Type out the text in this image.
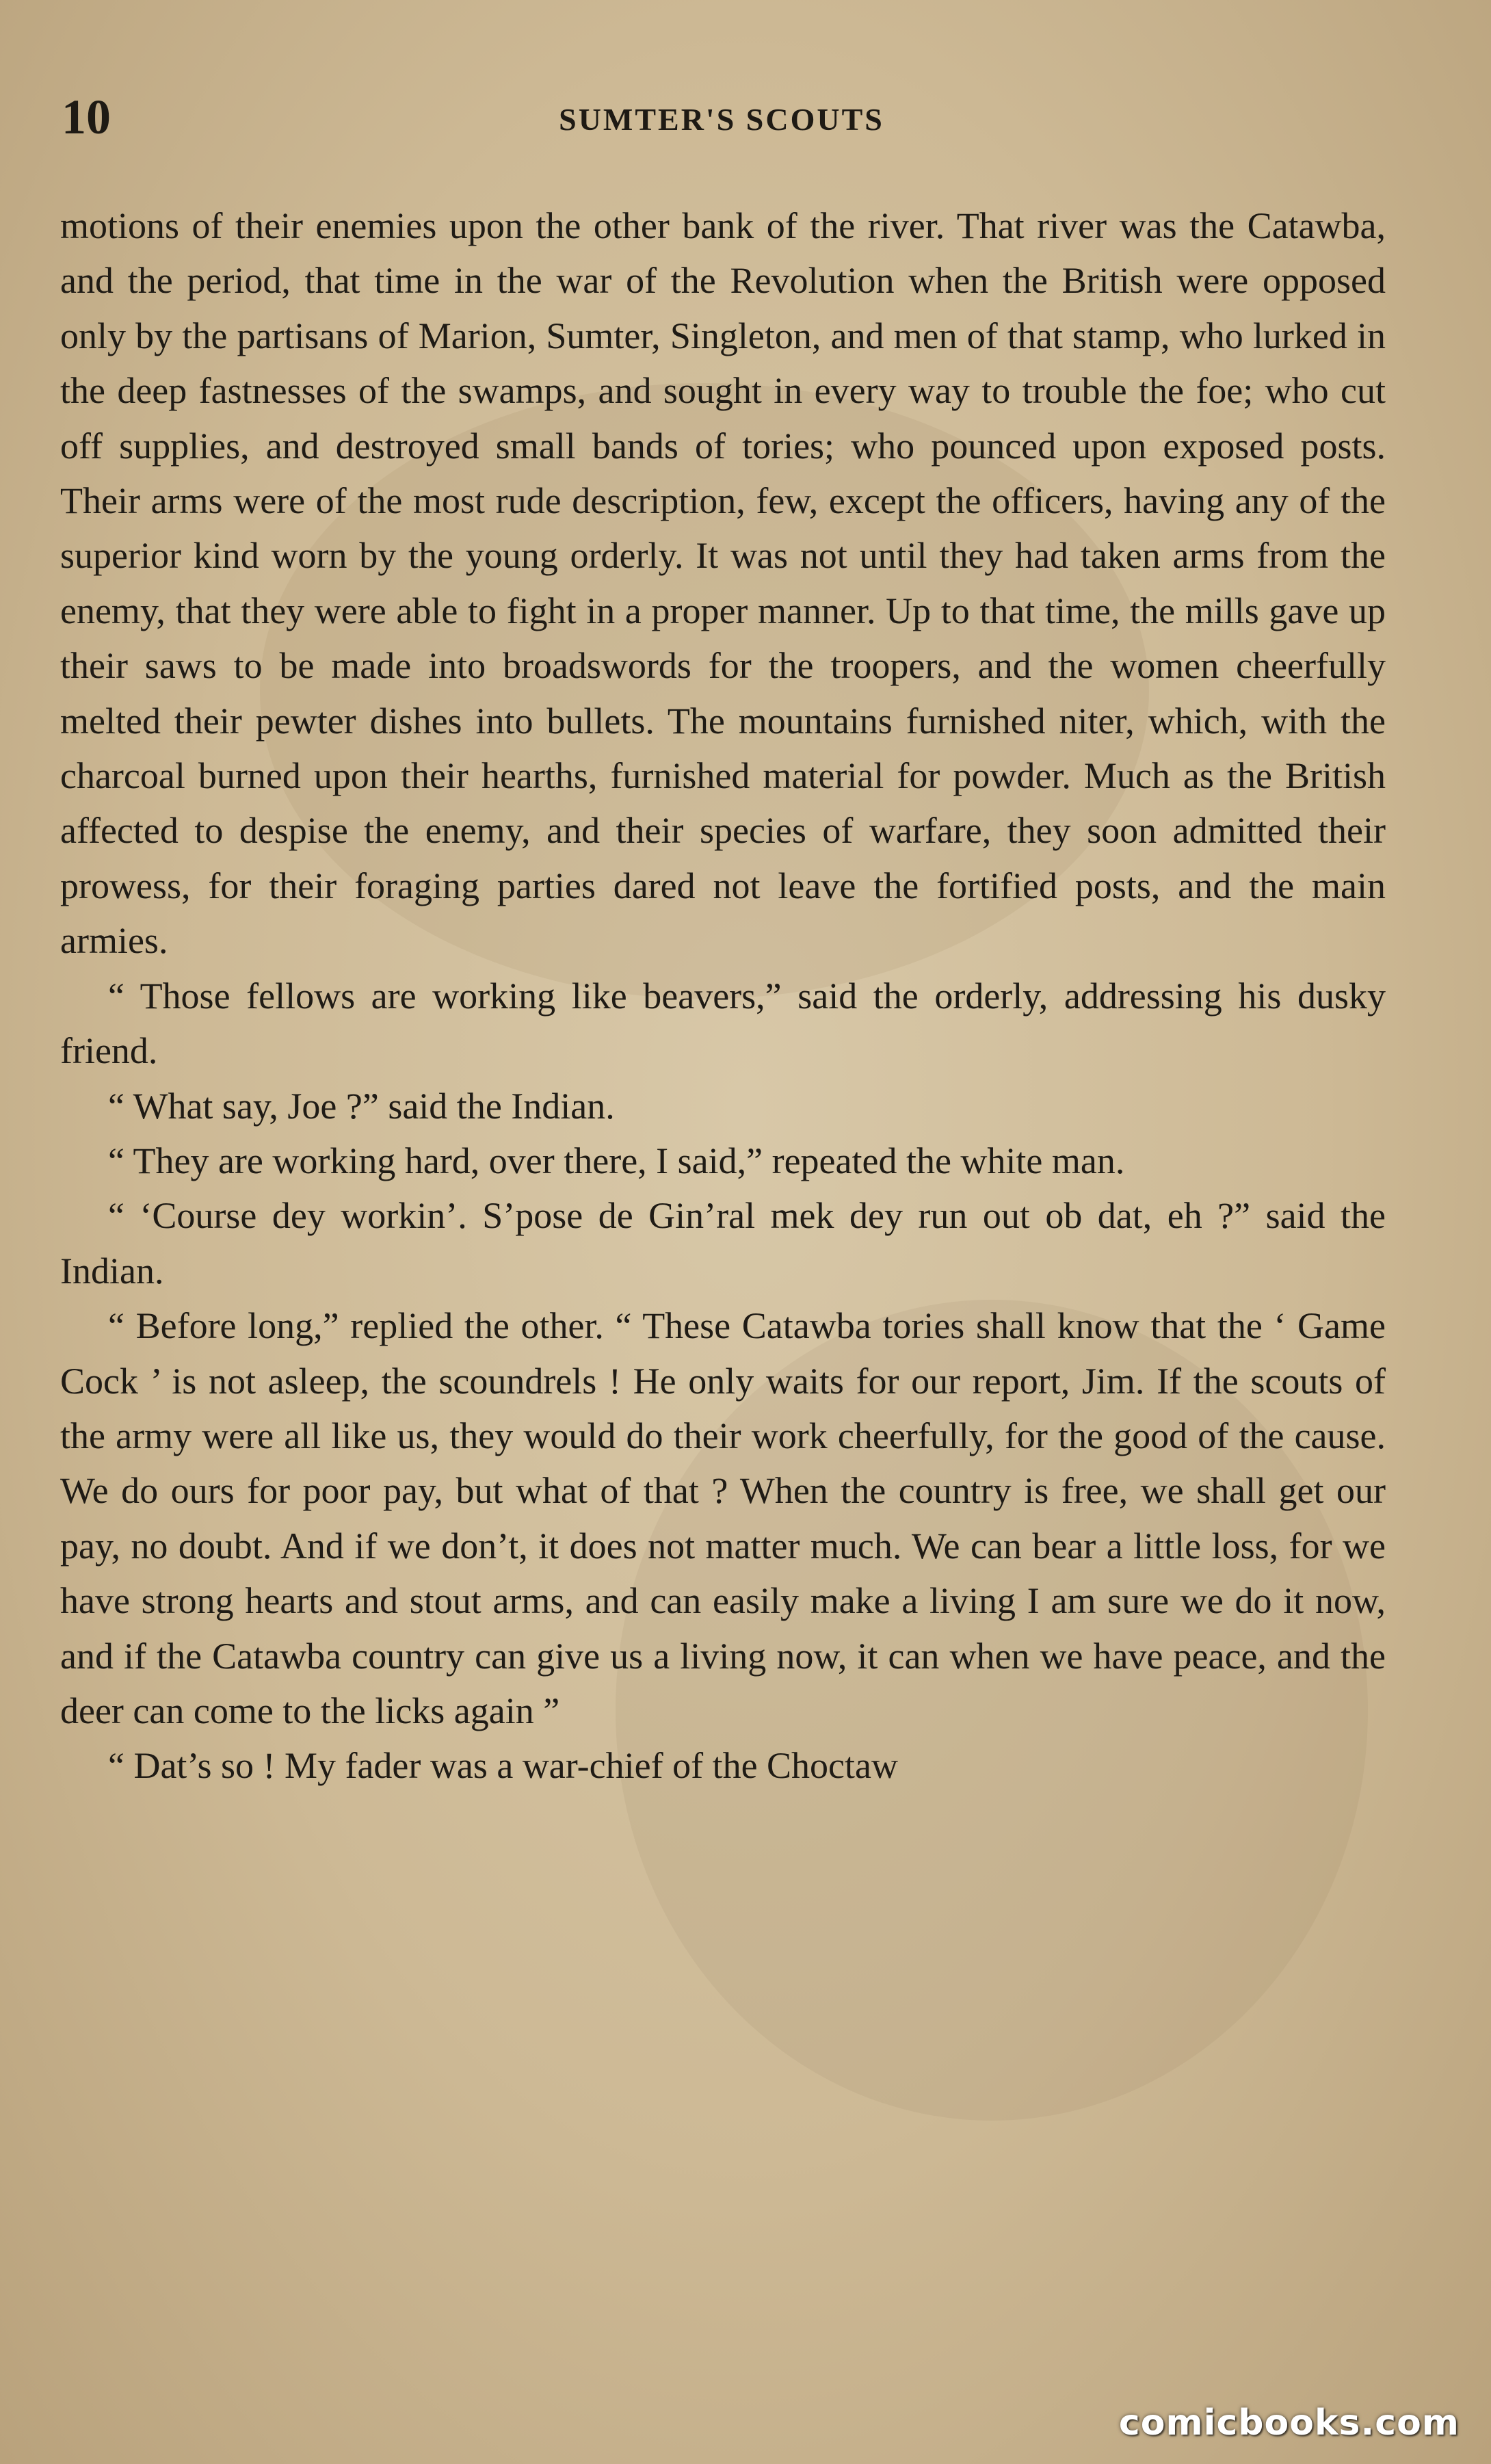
10	SUMTER'S SCOUTS

motions of their enemies upon the other bank of the river. That river was the Catawba, and the period, that time in the war of the Revolution when the British were opposed only by the partisans of Marion, Sumter, Singleton, and men of that stamp, who lurked in the deep fastnesses of the swamps, and sought in every way to trouble the foe; who cut off supplies, and destroyed small bands of tories; who pounced upon exposed posts. Their arms were of the most rude description, few, except the officers, having any of the superior kind worn by the young orderly. It was not until they had taken arms from the enemy, that they were able to fight in a proper manner. Up to that time, the mills gave up their saws to be made into broadswords for the troopers, and the women cheerfully melted their pewter dishes into bullets. The mountains furnished niter, which, with the charcoal burned upon their hearths, furnished material for powder. Much as the British affected to despise the enemy, and their species of warfare, they soon admitted their prowess, for their foraging parties dared not leave the fortified posts, and the main armies.

“ Those fellows are working like beavers,” said the orderly, addressing his dusky friend.

“ What say, Joe ?” said the Indian.

“ They are working hard, over there, I said,” repeated the white man.

“ ‘Course dey workin’. S’pose de Gin’ral mek dey run out ob dat, eh ?” said the Indian.

“ Before long,” replied the other. “ These Catawba tories shall know that the ‘ Game Cock ’ is not asleep, the scoundrels ! He only waits for our report, Jim. If the scouts of the army were all like us, they would do their work cheerfully, for the good of the cause. We do ours for poor pay, but what of that ? When the country is free, we shall get our pay, no doubt. And if we don’t, it does not matter much. We can bear a little loss, for we have strong hearts and stout arms, and can easily make a living I am sure we do it now, and if the Catawba country can give us a living now, it can when we have peace, and the deer can come to the licks again ”

“ Dat’s so ! My fader was a war-chief of the Choctaw

comicbooks.com
